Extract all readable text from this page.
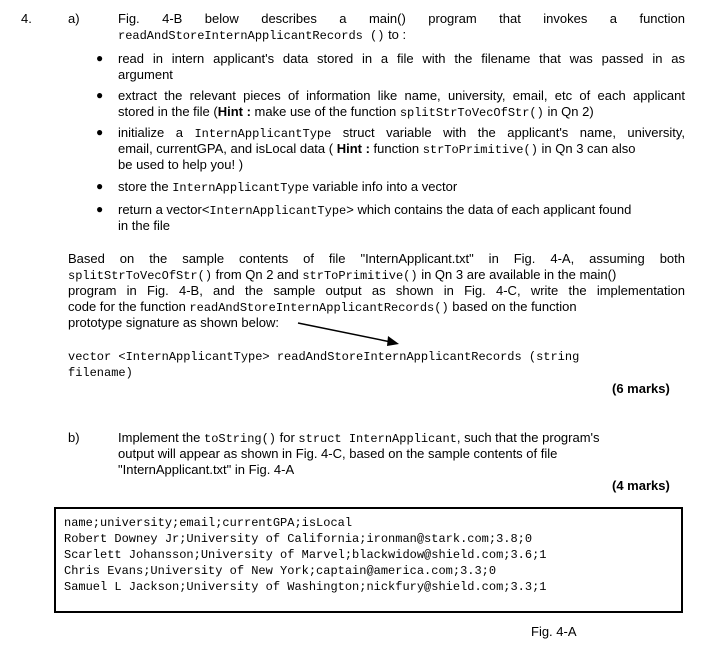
4.	a)	Fig. 4-B below describes a main() program that invokes a function
readAndStoreInternApplicantRecords () to :
● read in intern applicant's data stored in a file with the filename that was passed in as
argument
● extract the relevant pieces of information like name, university, email, etc of each applicant
stored in the file (Hint : make use of the function splitStrToVecOfStr() in Qn 2)
● initialize a InternApplicantType struct variable with the applicant's name, university,
email, currentGPA, and isLocal data ( Hint : function strToPrimitive() in Qn 3 can also
be used to help you! )
● store the InternApplicantType variable info into a vector
● return a vector<InternApplicantType> which contains the data of each applicant found
in the file
Based on the sample contents of file "InternApplicant.txt" in Fig. 4-A, assuming both
splitStrToVecOfStr() from Qn 2 and strToPrimitive() in Qn 3 are available in the main()
program in Fig. 4-B, and the sample output as shown in Fig. 4-C, write the implementation
code for the function readAndStoreInternApplicantRecords() based on the function
prototype signature as shown below:
vector <InternApplicantType> readAndStoreInternApplicantRecords (string
filename)
(6 marks)
b)	Implement the toString() for struct InternApplicant, such that the program's
output will appear as shown in Fig. 4-C, based on the sample contents of file
"InternApplicant.txt" in Fig. 4-A
(4 marks)
name;university;email;currentGPA;isLocal
Robert Downey Jr;University of California;ironman@stark.com;3.8;0
Scarlett Johansson;University of Marvel;blackwidow@shield.com;3.6;1
Chris Evans;University of New York;captain@america.com;3.3;0
Samuel L Jackson;University of Washington;nickfury@shield.com;3.3;1
Fig. 4-A
